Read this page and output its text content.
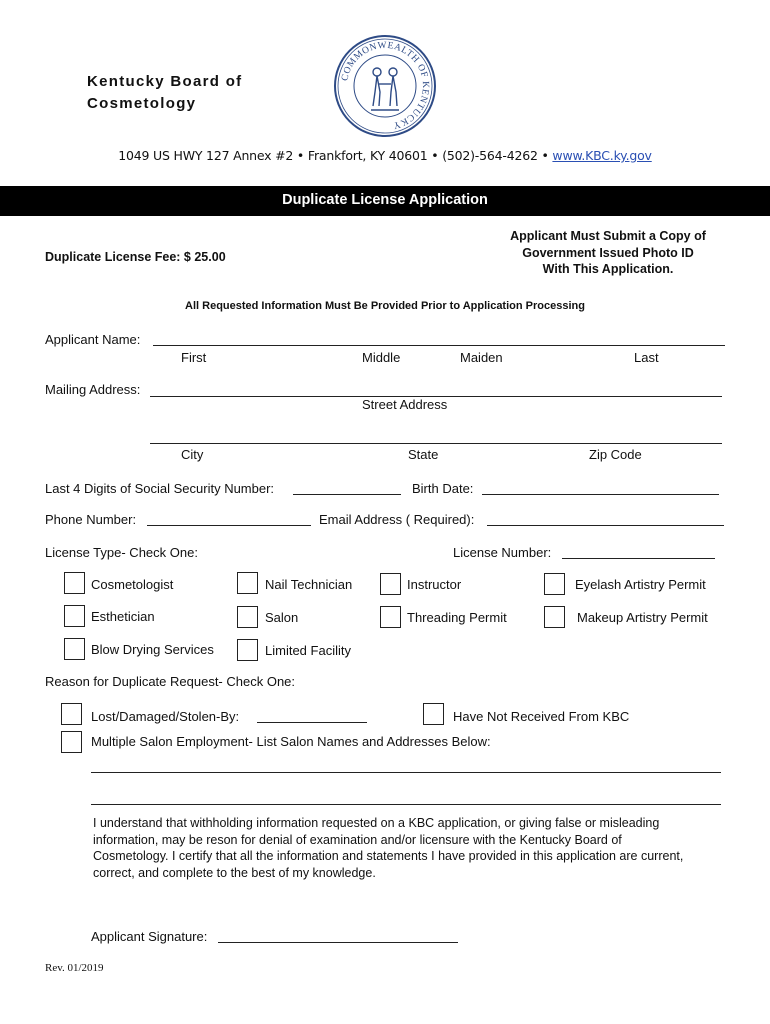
Kentucky Board of
Cosmetology
COMMONWEALTH OF KENTUCKY
1049 US HWY 127 Annex #2 • Frankfort, KY 40601 • (502)-564-4262 • www.KBC.ky.gov
Duplicate License Application
Duplicate License Fee: $ 25.00
Applicant Must Submit a Copy of Government Issued Photo ID With This Application.
All Requested Information Must Be Provided Prior to Application Processing
Applicant Name:
First	Middle	Maiden	Last
Mailing Address:
Street Address
City	State	Zip Code
Last 4 Digits of Social Security Number:	Birth Date:
Phone Number:	Email Address ( Required):
License Type- Check One:	License Number:
Cosmetologist	Nail Technician	Instructor	Eyelash Artistry Permit
Esthetician	Salon	Threading Permit	Makeup Artistry Permit
Blow Drying Services	Limited Facility
Reason for Duplicate Request- Check One:
Lost/Damaged/Stolen-By:	Have Not Received From KBC
Multiple Salon Employment- List Salon Names and Addresses Below:
I understand that withholding information requested on a KBC application, or giving false or misleading information, may be reson for denial of examination and/or licensure with the Kentucky Board of Cosmetology. I certify that all the information and statements I have provided in this application are current, correct, and complete to the best of my knowledge.
Applicant Signature:
Rev. 01/2019
